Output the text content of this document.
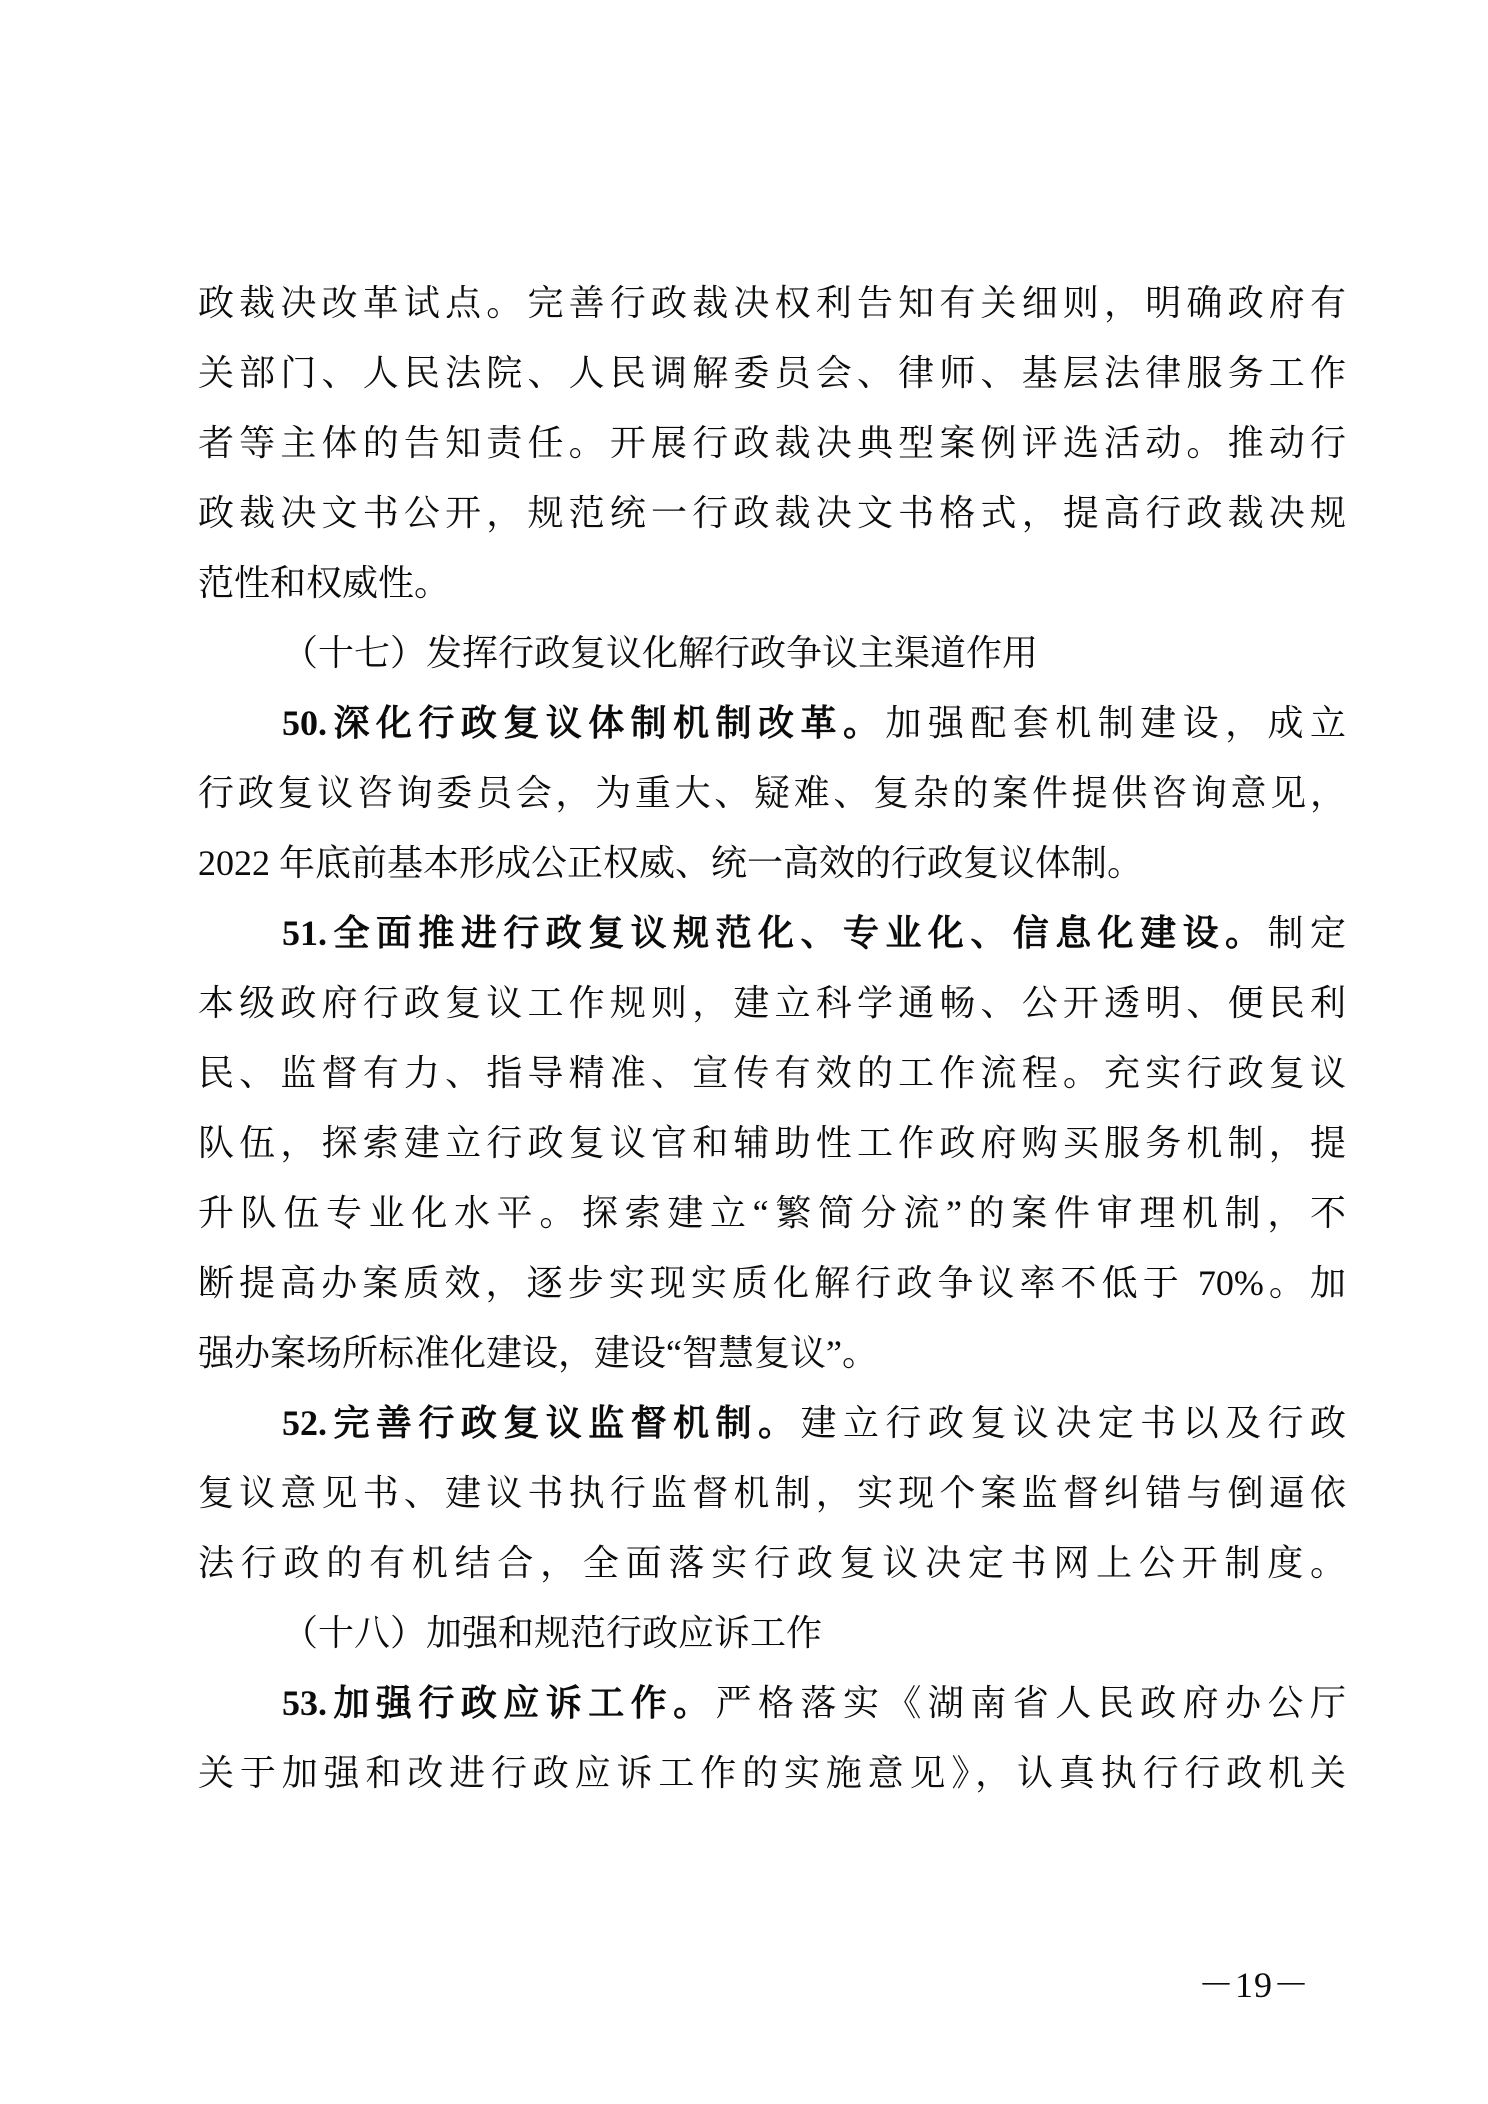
政裁决改革试点。完善行政裁决权利告知有关细则，明确政府有
关部门、人民法院、人民调解委员会、律师、基层法律服务工作
者等主体的告知责任。开展行政裁决典型案例评选活动。推动行
政裁决文书公开，规范统一行政裁决文书格式，提高行政裁决规
范性和权威性。
（十七）发挥行政复议化解行政争议主渠道作用
50.深化行政复议体制机制改革。加强配套机制建设，成立
行政复议咨询委员会，为重大、疑难、复杂的案件提供咨询意见，
2022 年底前基本形成公正权威、统一高效的行政复议体制。
51.全面推进行政复议规范化、专业化、信息化建设。制定
本级政府行政复议工作规则，建立科学通畅、公开透明、便民利
民、监督有力、指导精准、宣传有效的工作流程。充实行政复议
队伍，探索建立行政复议官和辅助性工作政府购买服务机制，提
升队伍专业化水平。探索建立“繁简分流”的案件审理机制，不
断提高办案质效，逐步实现实质化解行政争议率不低于 70%。加
强办案场所标准化建设，建设“智慧复议”。
52.完善行政复议监督机制。建立行政复议决定书以及行政
复议意见书、建议书执行监督机制，实现个案监督纠错与倒逼依
法行政的有机结合，全面落实行政复议决定书网上公开制度。
（十八）加强和规范行政应诉工作
53.加强行政应诉工作。严格落实《湖南省人民政府办公厅
关于加强和改进行政应诉工作的实施意见》，认真执行行政机关
－19－
